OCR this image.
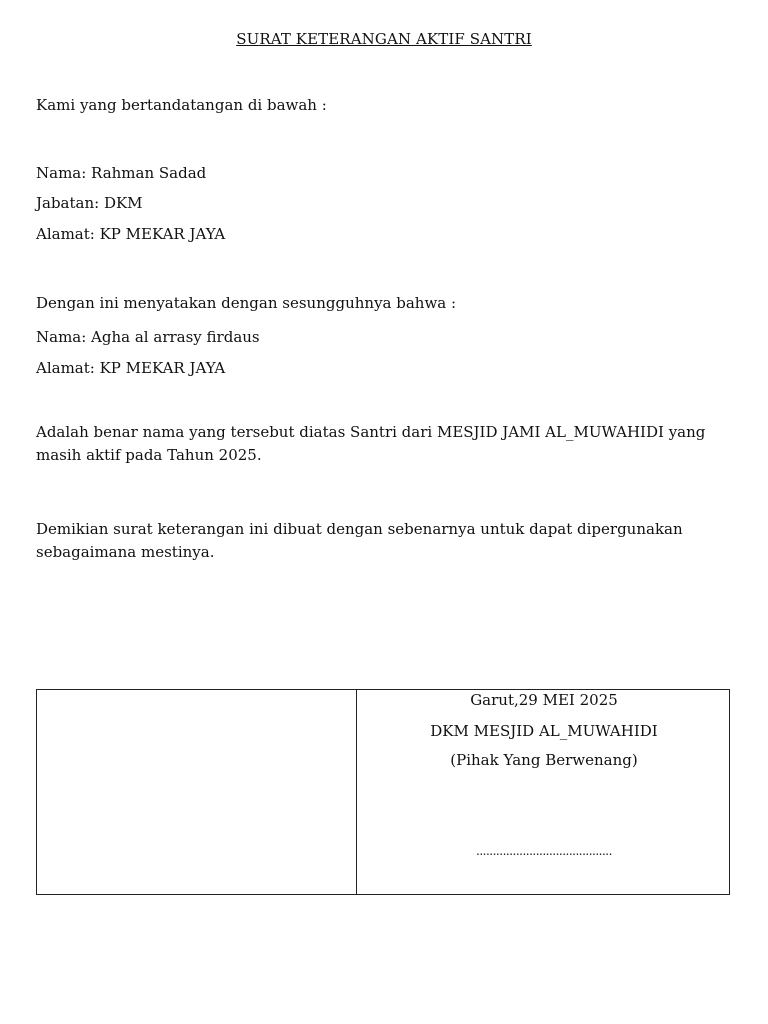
SURAT KETERANGAN AKTIF SANTRI
Kami yang bertandatangan di bawah :
Nama: Rahman Sadad
Jabatan: DKM
Alamat: KP MEKAR JAYA
Dengan ini menyatakan dengan sesungguhnya bahwa :
Nama: Agha al arrasy firdaus
Alamat: KP MEKAR JAYA
Adalah benar nama yang tersebut diatas Santri dari MESJID JAMI AL_MUWAHIDI yang masih aktif pada Tahun 2025.
Demikian surat keterangan ini dibuat dengan sebenarnya untuk dapat dipergunakan sebagaimana mestinya.
Garut,29 MEI 2025
DKM MESJID AL_MUWAHIDI
(Pihak Yang Berwenang)
.........................................
